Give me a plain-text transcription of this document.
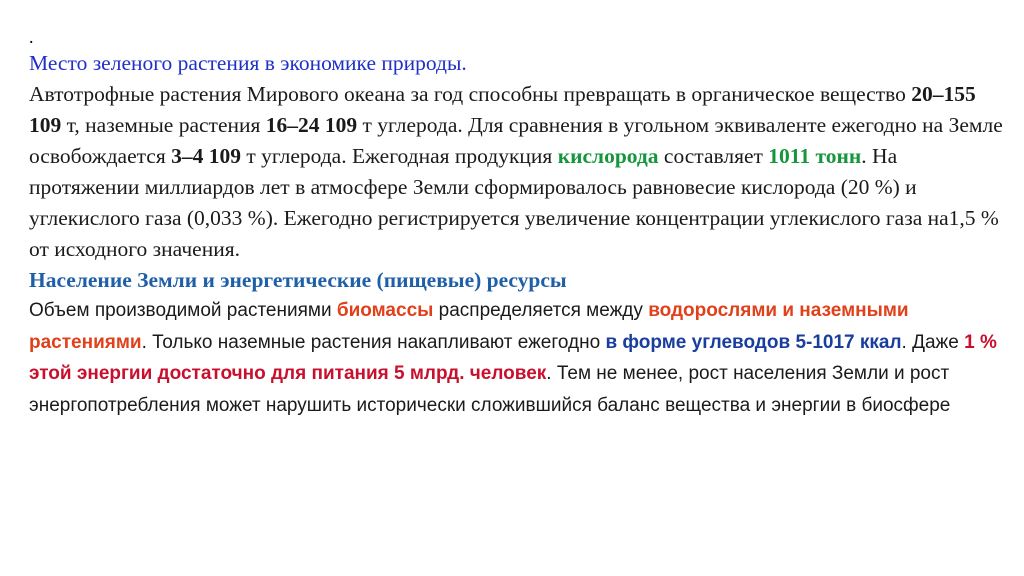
.

Место зеленого растения в экономике природы.

Автотрофные растения Мирового океана за год способны превращать в органическое вещество 20–155 109 т, наземные растения 16–24 109 т углерода. Для сравнения в угольном эквиваленте ежегодно на Земле освобождается 3–4 109 т углерода. Ежегодная продукция кислорода составляет 1011 тонн. На протяжении миллиардов лет в атмосфере Земли сформировалось равновесие кислорода (20 %) и углекислого газа (0,033 %). Ежегодно регистрируется увеличение концентрации углекислого газа на1,5 % от исходного значения.

Население Земли и энергетические (пищевые) ресурсы

Объем производимой растениями биомассы распределяется между водорослями и наземными растениями. Только наземные растения накапливают ежегодно в форме углеводов 5-1017 ккал. Даже 1 % этой энергии достаточно для питания 5 млрд. человек. Тем не менее, рост населения Земли и рост энергопотребления может нарушить исторически сложившийся баланс вещества и энергии в биосфере
